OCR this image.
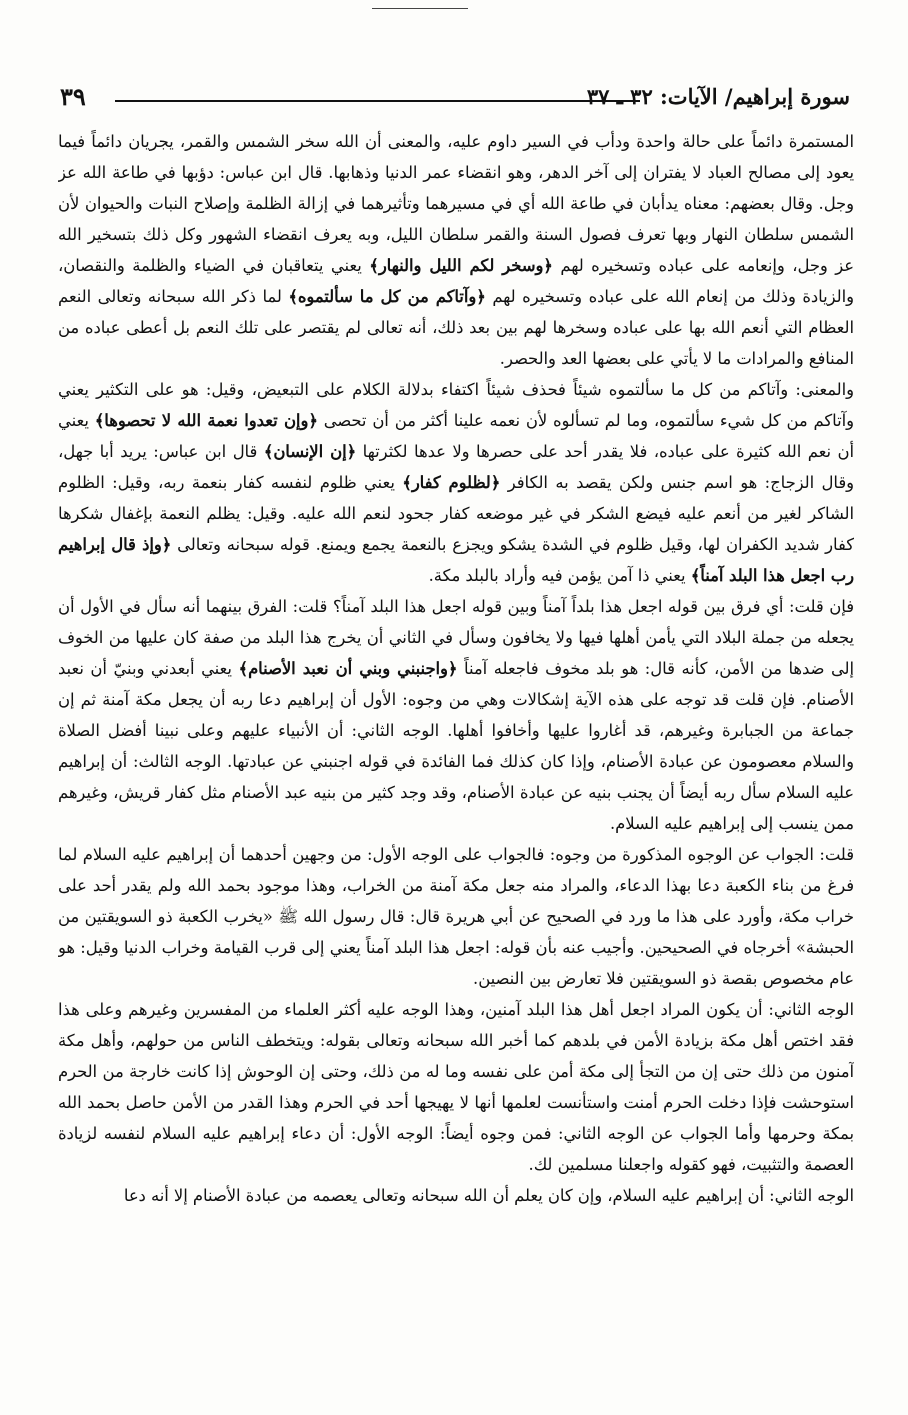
سورة إبراهيم/ الآيات: ٣٢ ـ ٣٧
٣٩

المستمرة دائماً على حالة واحدة ودأب في السير داوم عليه، والمعنى أن الله سخر الشمس والقمر، يجريان دائماً فيما يعود إلى مصالح العباد لا يفتران إلى آخر الدهر، وهو انقضاء عمر الدنيا وذهابها. قال ابن عباس: دؤبها في طاعة الله عز وجل. وقال بعضهم: معناه يدأبان في طاعة الله أي في مسيرهما وتأثيرهما في إزالة الظلمة وإصلاح النبات والحيوان لأن الشمس سلطان النهار وبها تعرف فصول السنة والقمر سلطان الليل، وبه يعرف انقضاء الشهور وكل ذلك بتسخير الله عز وجل، وإنعامه على عباده وتسخيره لهم ﴿وسخر لكم الليل والنهار﴾ يعني يتعاقبان في الضياء والظلمة والنقصان، والزيادة وذلك من إنعام الله على عباده وتسخيره لهم ﴿وآتاكم من كل ما سألتموه﴾ لما ذكر الله سبحانه وتعالى النعم العظام التي أنعم الله بها على عباده وسخرها لهم بين بعد ذلك، أنه تعالى لم يقتصر على تلك النعم بل أعطى عباده من المنافع والمرادات ما لا يأتي على بعضها العد والحصر.

والمعنى: وآتاكم من كل ما سألتموه شيئاً فحذف شيئاً اكتفاء بدلالة الكلام على التبعيض، وقيل: هو على التكثير يعني وآتاكم من كل شيء سألتموه، وما لم تسألوه لأن نعمه علينا أكثر من أن تحصى ﴿وإن تعدوا نعمة الله لا تحصوها﴾ يعني أن نعم الله كثيرة على عباده، فلا يقدر أحد على حصرها ولا عدها لكثرتها ﴿إن الإنسان﴾ قال ابن عباس: يريد أبا جهل، وقال الزجاج: هو اسم جنس ولكن يقصد به الكافر ﴿لظلوم كفار﴾ يعني ظلوم لنفسه كفار بنعمة ربه، وقيل: الظلوم الشاكر لغير من أنعم عليه فيضع الشكر في غير موضعه كفار جحود لنعم الله عليه. وقيل: يظلم النعمة بإغفال شكرها كفار شديد الكفران لها، وقيل ظلوم في الشدة يشكو ويجزع بالنعمة يجمع ويمنع. قوله سبحانه وتعالى ﴿وإذ قال إبراهيم رب اجعل هذا البلد آمناً﴾ يعني ذا آمن يؤمن فيه وأراد بالبلد مكة.

فإن قلت: أي فرق بين قوله اجعل هذا بلداً آمناً وبين قوله اجعل هذا البلد آمناً؟ قلت: الفرق بينهما أنه سأل في الأول أن يجعله من جملة البلاد التي يأمن أهلها فيها ولا يخافون وسأل في الثاني أن يخرج هذا البلد من صفة كان عليها من الخوف إلى ضدها من الأمن، كأنه قال: هو بلد مخوف فاجعله آمناً ﴿واجنبني وبني أن نعبد الأصنام﴾ يعني أبعدني وبنيّ أن نعبد الأصنام. فإن قلت قد توجه على هذه الآية إشكالات وهي من وجوه: الأول أن إبراهيم دعا ربه أن يجعل مكة آمنة ثم إن جماعة من الجبابرة وغيرهم، قد أغاروا عليها وأخافوا أهلها. الوجه الثاني: أن الأنبياء عليهم وعلى نبينا أفضل الصلاة والسلام معصومون عن عبادة الأصنام، وإذا كان كذلك فما الفائدة في قوله اجنبني عن عبادتها. الوجه الثالث: أن إبراهيم عليه السلام سأل ربه أيضاً أن يجنب بنيه عن عبادة الأصنام، وقد وجد كثير من بنيه عبد الأصنام مثل كفار قريش، وغيرهم ممن ينسب إلى إبراهيم عليه السلام.

قلت: الجواب عن الوجوه المذكورة من وجوه: فالجواب على الوجه الأول: من وجهين أحدهما أن إبراهيم عليه السلام لما فرغ من بناء الكعبة دعا بهذا الدعاء، والمراد منه جعل مكة آمنة من الخراب، وهذا موجود بحمد الله ولم يقدر أحد على خراب مكة، وأورد على هذا ما ورد في الصحيح عن أبي هريرة قال: قال رسول الله ﷺ «يخرب الكعبة ذو السويقتين من الحبشة» أخرجاه في الصحيحين. وأجيب عنه بأن قوله: اجعل هذا البلد آمناً يعني إلى قرب القيامة وخراب الدنيا وقيل: هو عام مخصوص بقصة ذو السويقتين فلا تعارض بين النصين.

الوجه الثاني: أن يكون المراد اجعل أهل هذا البلد آمنين، وهذا الوجه عليه أكثر العلماء من المفسرين وغيرهم وعلى هذا فقد اختص أهل مكة بزيادة الأمن في بلدهم كما أخبر الله سبحانه وتعالى بقوله: ويتخطف الناس من حولهم، وأهل مكة آمنون من ذلك حتى إن من التجأ إلى مكة أمن على نفسه وما له من ذلك، وحتى إن الوحوش إذا كانت خارجة من الحرم استوحشت فإذا دخلت الحرم أمنت واستأنست لعلمها أنها لا يهيجها أحد في الحرم وهذا القدر من الأمن حاصل بحمد الله بمكة وحرمها وأما الجواب عن الوجه الثاني: فمن وجوه أيضاً: الوجه الأول: أن دعاء إبراهيم عليه السلام لنفسه لزيادة العصمة والتثبيت، فهو كقوله واجعلنا مسلمين لك.

الوجه الثاني: أن إبراهيم عليه السلام، وإن كان يعلم أن الله سبحانه وتعالى يعصمه من عبادة الأصنام إلا أنه دعا
